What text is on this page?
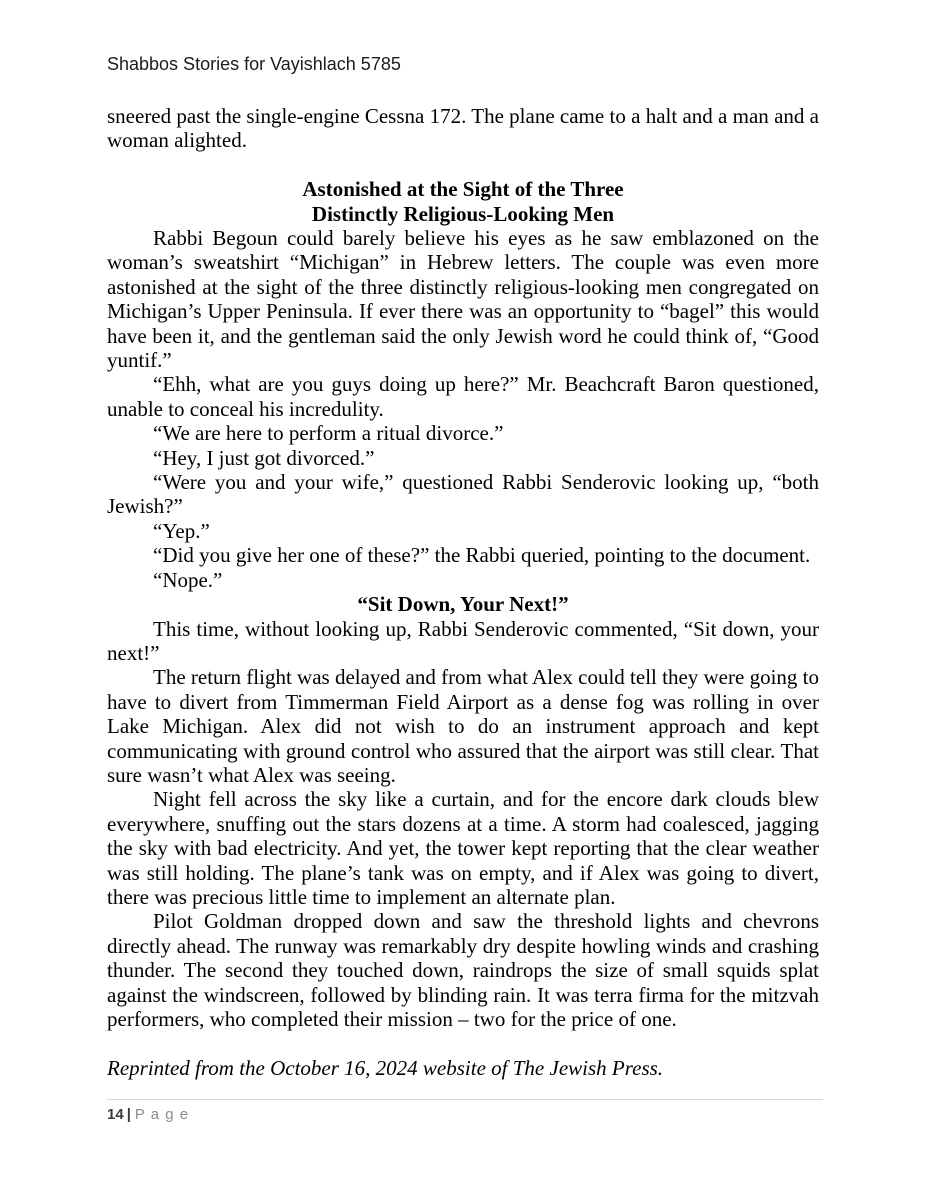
Shabbos Stories for Vayishlach 5785

sneered past the single-engine Cessna 172. The plane came to a halt and a man and a woman alighted.

Astonished at the Sight of the Three
Distinctly Religious-Looking Men

Rabbi Begoun could barely believe his eyes as he saw emblazoned on the woman’s sweatshirt “Michigan” in Hebrew letters. The couple was even more astonished at the sight of the three distinctly religious-looking men congregated on Michigan’s Upper Peninsula. If ever there was an opportunity to “bagel” this would have been it, and the gentleman said the only Jewish word he could think of, “Good yuntif.”

“Ehh, what are you guys doing up here?” Mr. Beachcraft Baron questioned, unable to conceal his incredulity.

“We are here to perform a ritual divorce.”

“Hey, I just got divorced.”

“Were you and your wife,” questioned Rabbi Senderovic looking up, “both Jewish?”

“Yep.”

“Did you give her one of these?” the Rabbi queried, pointing to the document.

“Nope.”

“Sit Down, Your Next!”

This time, without looking up, Rabbi Senderovic commented, “Sit down, your next!”

The return flight was delayed and from what Alex could tell they were going to have to divert from Timmerman Field Airport as a dense fog was rolling in over Lake Michigan. Alex did not wish to do an instrument approach and kept communicating with ground control who assured that the airport was still clear. That sure wasn’t what Alex was seeing.

Night fell across the sky like a curtain, and for the encore dark clouds blew everywhere, snuffing out the stars dozens at a time. A storm had coalesced, jagging the sky with bad electricity. And yet, the tower kept reporting that the clear weather was still holding. The plane’s tank was on empty, and if Alex was going to divert, there was precious little time to implement an alternate plan.

Pilot Goldman dropped down and saw the threshold lights and chevrons directly ahead. The runway was remarkably dry despite howling winds and crashing thunder. The second they touched down, raindrops the size of small squids splat against the windscreen, followed by blinding rain. It was terra firma for the mitzvah performers, who completed their mission – two for the price of one.

Reprinted from the October 16, 2024 website of The Jewish Press.

14 | P a g e
